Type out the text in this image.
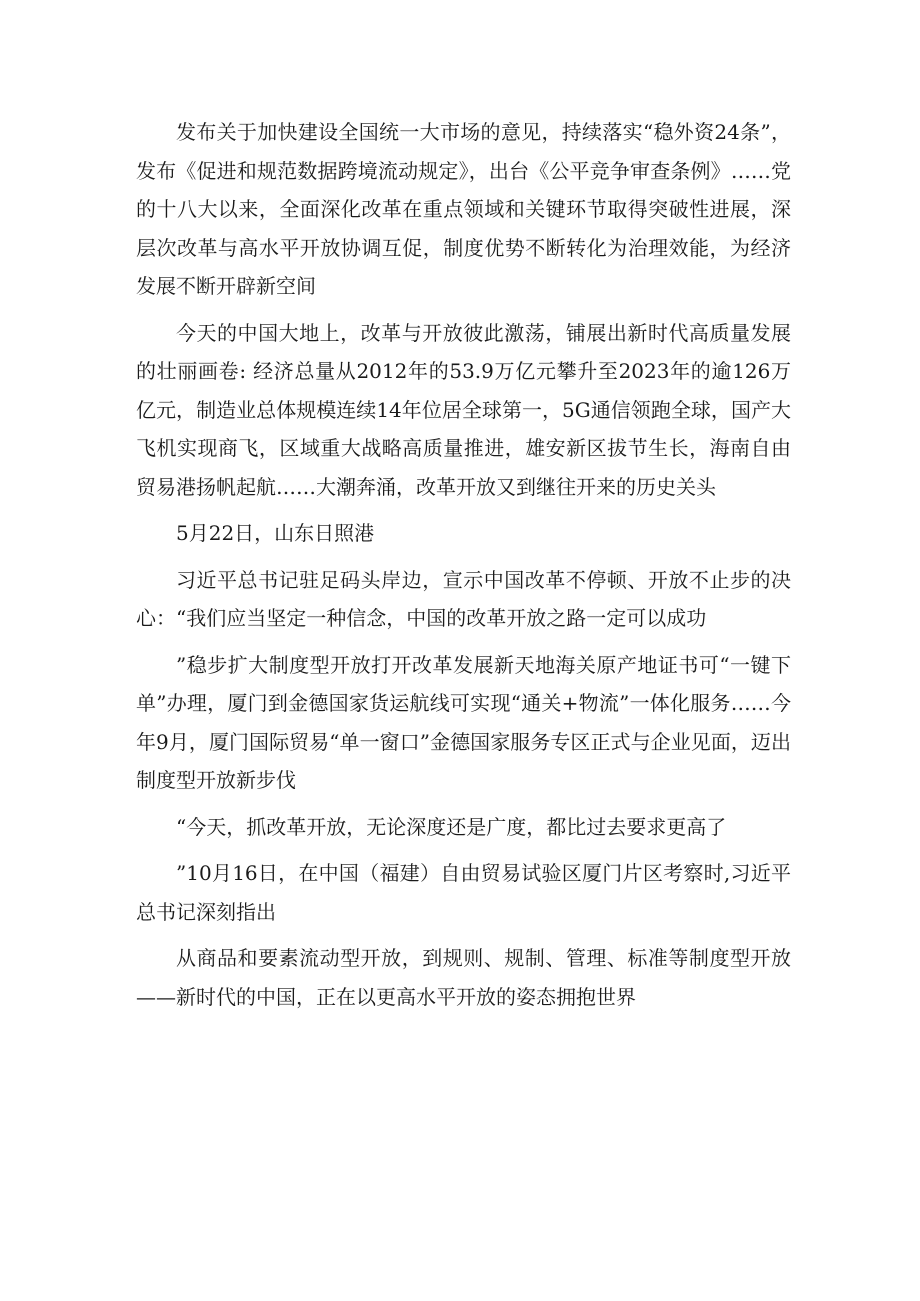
发布关于加快建设全国统一大市场的意见，持续落实“稳外资24条”，发布《促进和规范数据跨境流动规定》，出台《公平竞争审查条例》……党的十八大以来，全面深化改革在重点领域和关键环节取得突破性进展，深层次改革与高水平开放协调互促，制度优势不断转化为治理效能，为经济发展不断开辟新空间

今天的中国大地上，改革与开放彼此激荡，铺展出新时代高质量发展的壮丽画卷: 经济总量从2012年的53.9万亿元攀升至2023年的逾126万亿元，制造业总体规模连续14年位居全球第一，5G通信领跑全球，国产大飞机实现商飞，区域重大战略高质量推进，雄安新区拔节生长，海南自由贸易港扬帆起航……大潮奔涌，改革开放又到继往开来的历史关头

5月22日，山东日照港

习近平总书记驻足码头岸边，宣示中国改革不停顿、开放不止步的决心：“我们应当坚定一种信念，中国的改革开放之路一定可以成功

”稳步扩大制度型开放打开改革发展新天地海关原产地证书可“一键下单”办理，厦门到金德国家货运航线可实现“通关+物流”一体化服务……今年9月，厦门国际贸易“单一窗口”金德国家服务专区正式与企业见面，迈出制度型开放新步伐

“今天，抓改革开放，无论深度还是广度，都比过去要求更高了

”10月16日，在中国（福建）自由贸易试验区厦门片区考察时,习近平总书记深刻指出

从商品和要素流动型开放，到规则、规制、管理、标准等制度型开放——新时代的中国，正在以更高水平开放的姿态拥抱世界
